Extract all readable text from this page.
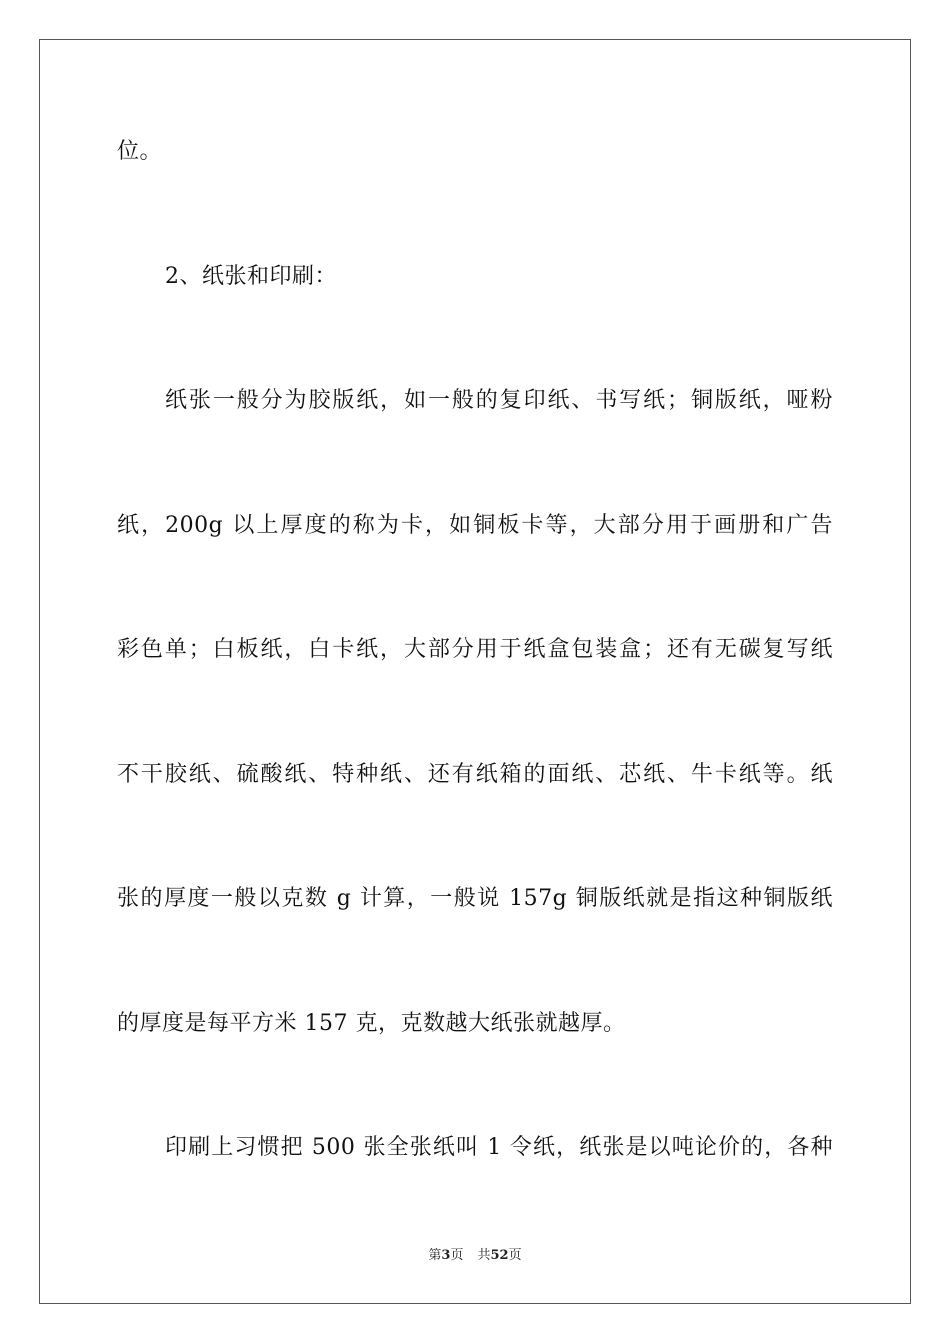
位。
2、纸张和印刷：
纸张一般分为胶版纸，如一般的复印纸、书写纸；铜版纸，哑粉
纸，200g 以上厚度的称为卡，如铜板卡等，大部分用于画册和广告
彩色单；白板纸，白卡纸，大部分用于纸盒包装盒；还有无碳复写纸
不干胶纸、硫酸纸、特种纸、还有纸箱的面纸、芯纸、牛卡纸等。纸
张的厚度一般以克数 g 计算，一般说 157g 铜版纸就是指这种铜版纸
的厚度是每平方米 157 克，克数越大纸张就越厚。
印刷上习惯把 500 张全张纸叫 1 令纸，纸张是以吨论价的，各种
第3页 共52页
